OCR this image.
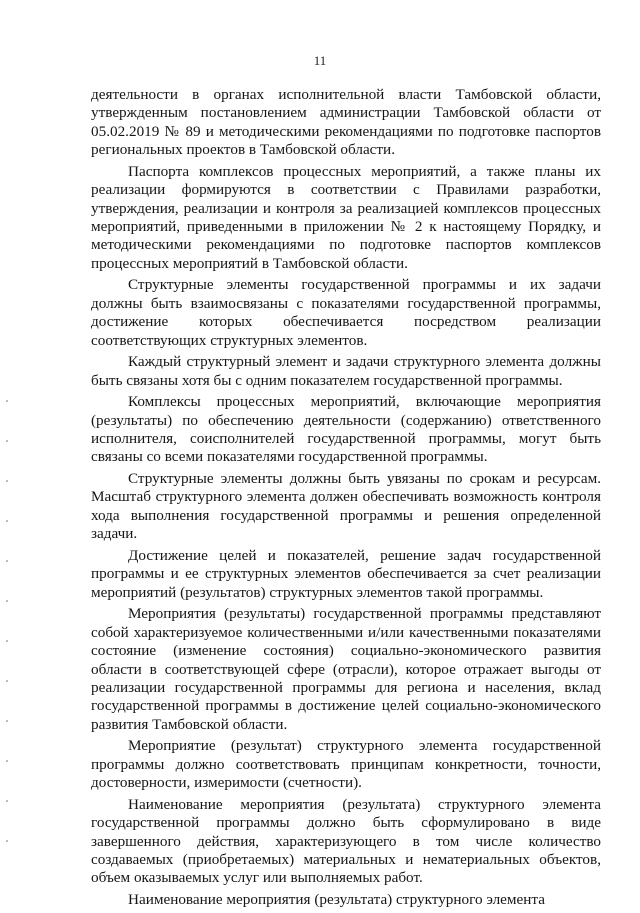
11

деятельности в органах исполнительной власти Тамбовской области, утвержденным постановлением администрации Тамбовской области от 05.02.2019 № 89 и методическими рекомендациями по подготовке паспортов региональных проектов в Тамбовской области.

Паспорта комплексов процессных мероприятий, а также планы их реализации формируются в соответствии с Правилами разработки, утверждения, реализации и контроля за реализацией комплексов процессных мероприятий, приведенными в приложении № 2 к настоящему Порядку, и методическими рекомендациями по подготовке паспортов комплексов процессных мероприятий в Тамбовской области.

Структурные элементы государственной программы и их задачи должны быть взаимосвязаны с показателями государственной программы, достижение которых обеспечивается посредством реализации соответствующих структурных элементов.

Каждый структурный элемент и задачи структурного элемента должны быть связаны хотя бы с одним показателем государственной программы.

Комплексы процессных мероприятий, включающие мероприятия (результаты) по обеспечению деятельности (содержанию) ответственного исполнителя, соисполнителей государственной программы, могут быть связаны со всеми показателями государственной программы.

Структурные элементы должны быть увязаны по срокам и ресурсам. Масштаб структурного элемента должен обеспечивать возможность контроля хода выполнения государственной программы и решения определенной задачи.

Достижение целей и показателей, решение задач государственной программы и ее структурных элементов обеспечивается за счет реализации мероприятий (результатов) структурных элементов такой программы.

Мероприятия (результаты) государственной программы представляют собой характеризуемое количественными и/или качественными показателями состояние (изменение состояния) социально-экономического развития области в соответствующей сфере (отрасли), которое отражает выгоды от реализации государственной программы для региона и населения, вклад государственной программы в достижение целей социально-экономического развития Тамбовской области.

Мероприятие (результат) структурного элемента государственной программы должно соответствовать принципам конкретности, точности, достоверности, измеримости (счетности).

Наименование мероприятия (результата) структурного элемента государственной программы должно быть сформулировано в виде завершенного действия, характеризующего в том числе количество создаваемых (приобретаемых) материальных и нематериальных объектов, объем оказываемых услуг или выполняемых работ.

Наименование мероприятия (результата) структурного элемента
